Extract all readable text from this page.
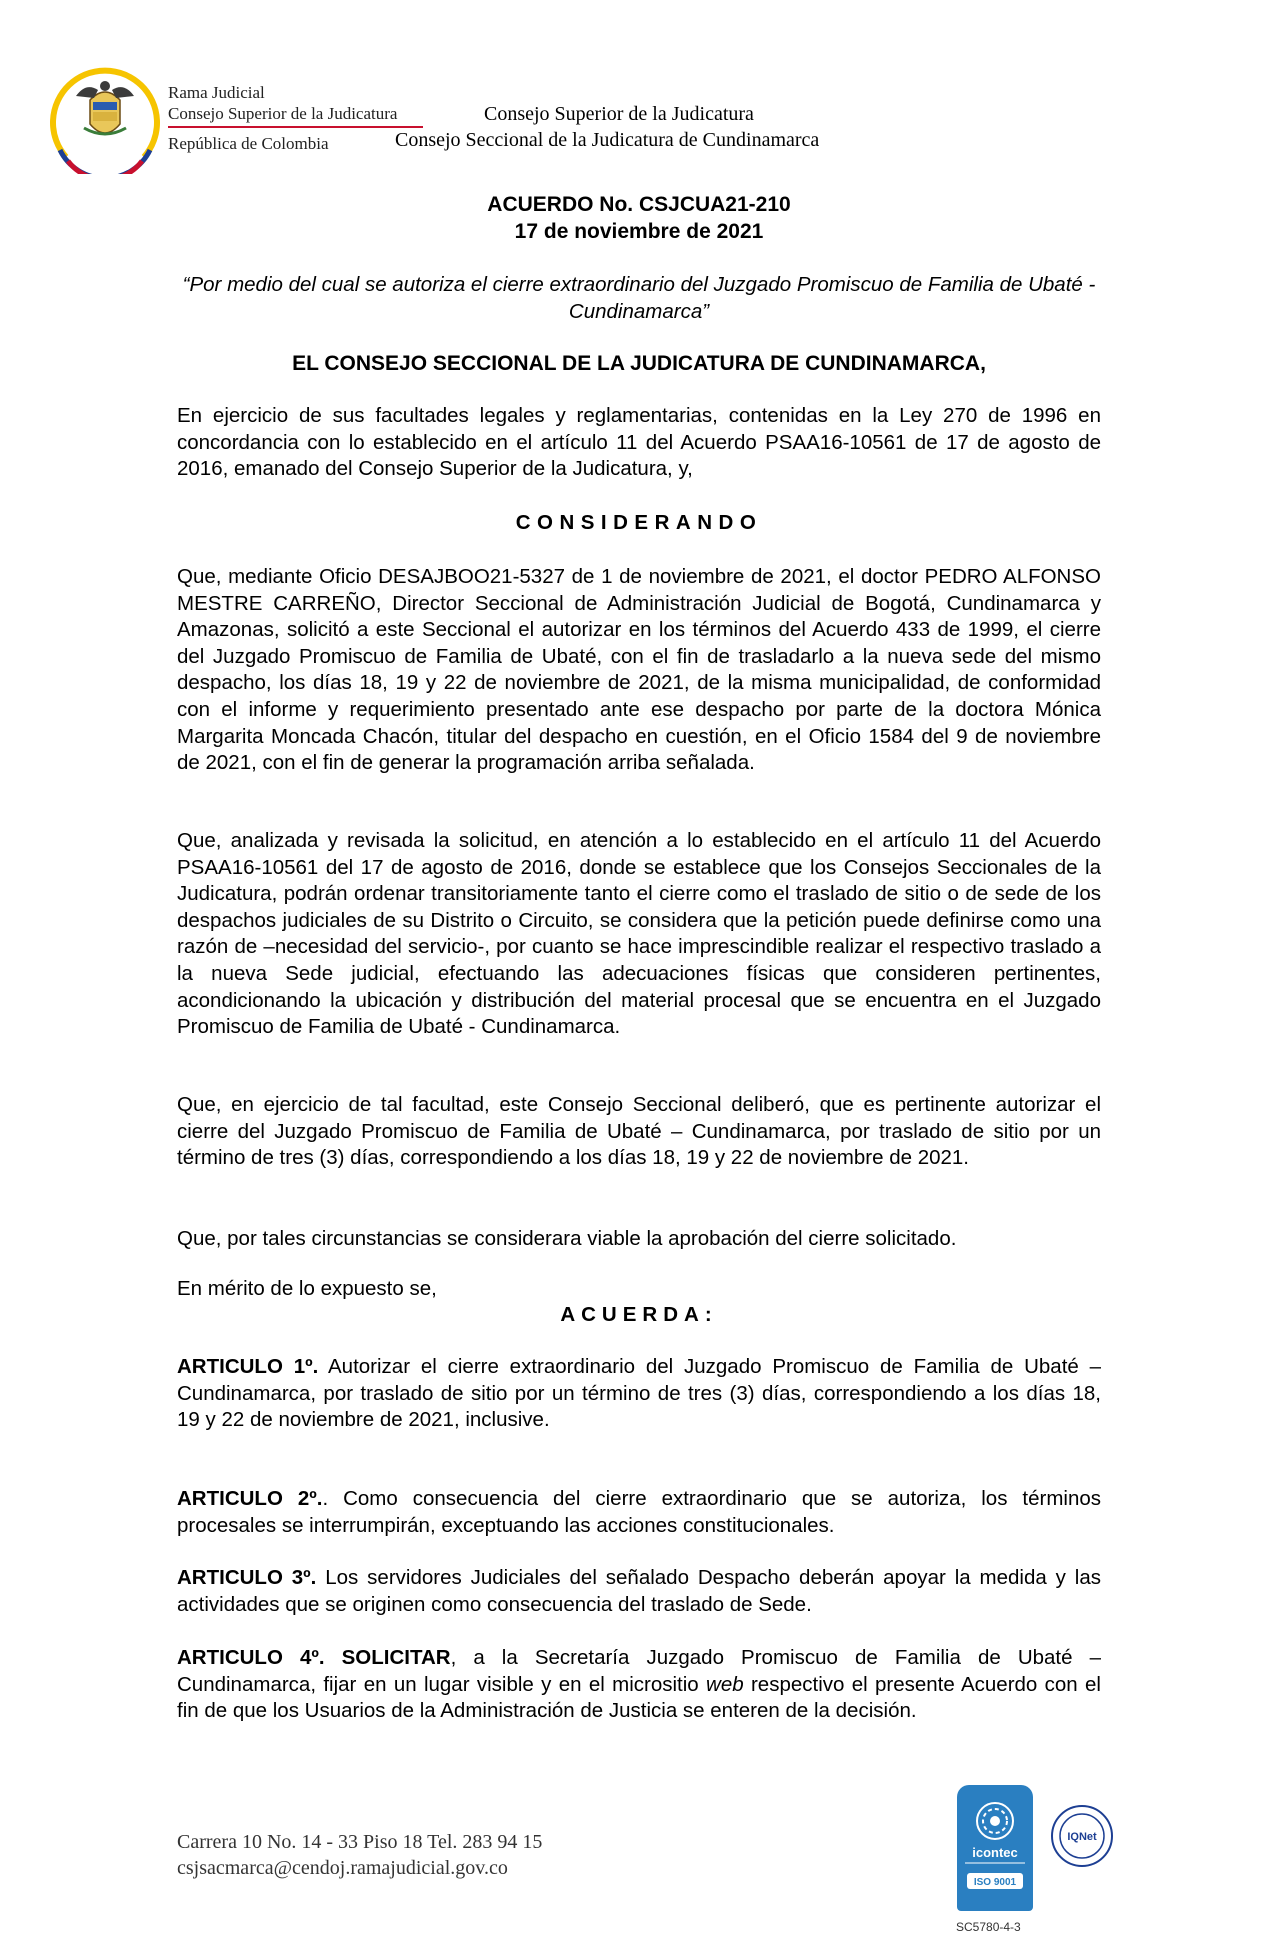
Rama Judicial
Consejo Superior de la Judicatura
República de Colombia
Consejo Superior de la Judicatura
Consejo Seccional de la Judicatura de Cundinamarca
ACUERDO No. CSJCUA21-210
17 de noviembre de 2021
“Por medio del cual se autoriza el cierre extraordinario del Juzgado Promiscuo de Familia de Ubaté - Cundinamarca”
EL CONSEJO SECCIONAL DE LA JUDICATURA DE CUNDINAMARCA,
En ejercicio de sus facultades legales y reglamentarias, contenidas en la Ley 270 de 1996 en concordancia con lo establecido en el artículo 11 del Acuerdo PSAA16-10561 de 17 de agosto de 2016, emanado del Consejo Superior de la Judicatura, y,
CONSIDERANDO
Que, mediante Oficio DESAJBOO21-5327 de 1 de noviembre de 2021, el doctor PEDRO ALFONSO MESTRE CARREÑO, Director Seccional de Administración Judicial de Bogotá, Cundinamarca y Amazonas, solicitó a este Seccional el autorizar en los términos del Acuerdo 433 de 1999, el cierre del Juzgado Promiscuo de Familia de Ubaté, con el fin de trasladarlo a la nueva sede del mismo despacho, los días 18, 19 y 22 de noviembre de 2021, de la misma municipalidad, de conformidad con el informe y requerimiento presentado ante ese despacho por parte de la doctora Mónica Margarita Moncada Chacón, titular del despacho en cuestión, en el Oficio 1584 del 9 de noviembre de 2021, con el fin de generar la programación arriba señalada.
Que, analizada y revisada la solicitud, en atención a lo establecido en el artículo 11 del Acuerdo PSAA16-10561 del 17 de agosto de 2016, donde se establece que los Consejos Seccionales de la Judicatura, podrán ordenar transitoriamente tanto el cierre como el traslado de sitio o de sede de los despachos judiciales de su Distrito o Circuito, se considera que la petición puede definirse como una razón de –necesidad del servicio-, por cuanto se hace imprescindible realizar el respectivo traslado a la nueva Sede judicial, efectuando las adecuaciones físicas que consideren pertinentes, acondicionando la ubicación y distribución del material procesal que se encuentra en el Juzgado Promiscuo de Familia de Ubaté - Cundinamarca.
Que, en ejercicio de tal facultad, este Consejo Seccional deliberó, que es pertinente autorizar el cierre del Juzgado Promiscuo de Familia de Ubaté – Cundinamarca, por traslado de sitio por un término de tres (3) días, correspondiendo a los días 18, 19 y 22 de noviembre de 2021.
Que, por tales circunstancias se considerara viable la aprobación del cierre solicitado.
En mérito de lo expuesto se,
ACUERDA:
ARTICULO 1º. Autorizar el cierre extraordinario del Juzgado Promiscuo de Familia de Ubaté – Cundinamarca, por traslado de sitio por un término de tres (3) días, correspondiendo a los días 18, 19 y 22 de noviembre de 2021, inclusive.
ARTICULO 2º.. Como consecuencia del cierre extraordinario que se autoriza, los términos procesales se interrumpirán, exceptuando las acciones constitucionales.
ARTICULO 3º. Los servidores Judiciales del señalado Despacho deberán apoyar la medida y las actividades que se originen como consecuencia del traslado de Sede.
ARTICULO 4º. SOLICITAR, a la Secretaría Juzgado Promiscuo de Familia de Ubaté – Cundinamarca, fijar en un lugar visible y en el micrositio web respectivo el presente Acuerdo con el fin de que los Usuarios de la Administración de Justicia se enteren de la decisión.
Carrera 10 No. 14 - 33 Piso 18 Tel. 283 94 15
csjsacmarca@cendoj.ramajudicial.gov.co
icontec
ISO 9001
IQNet
SC5780-4-3
